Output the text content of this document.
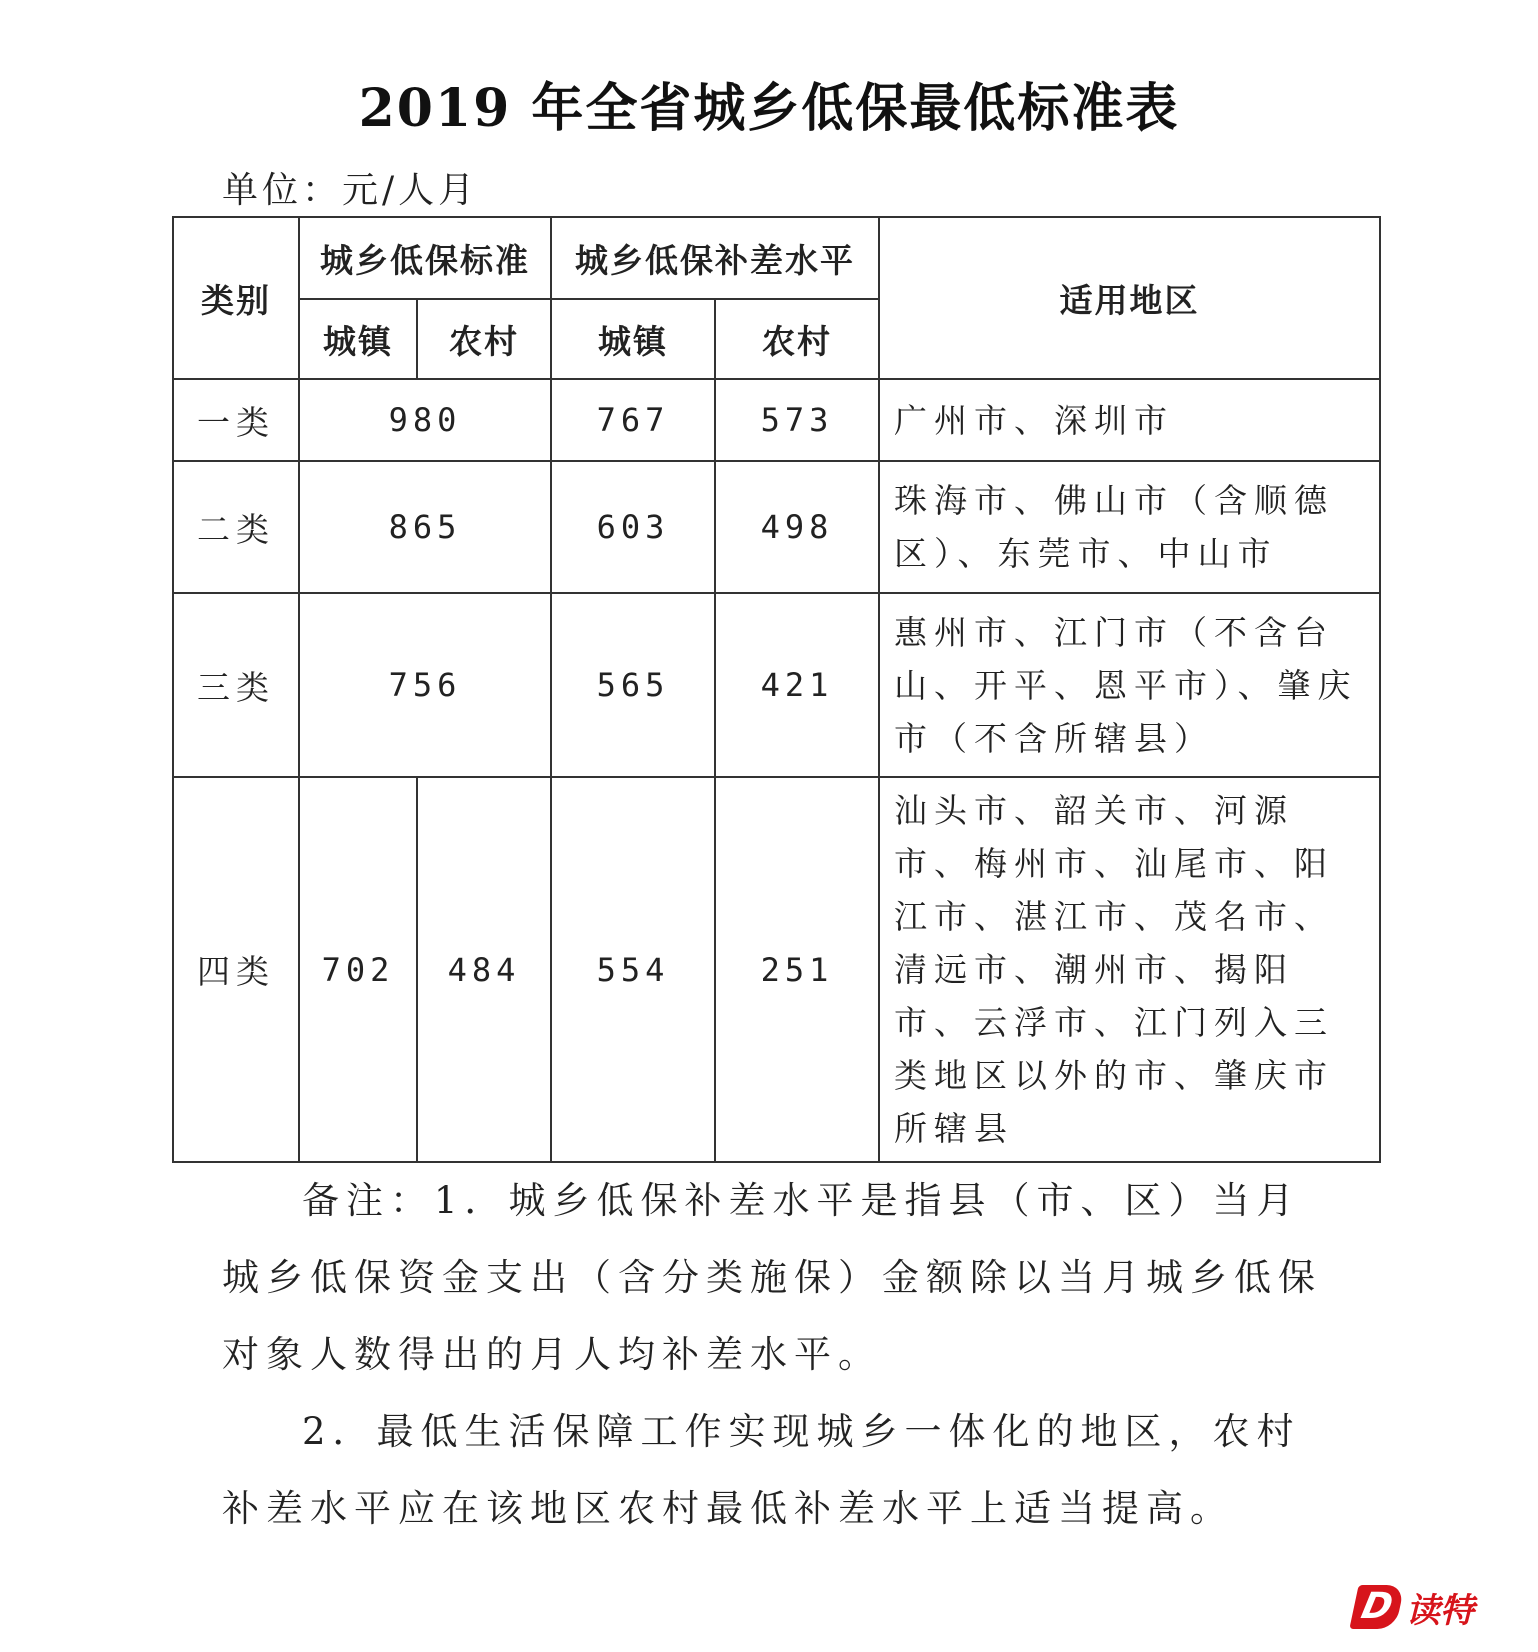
2019 年全省城乡低保最低标准表
单位：元/人月
类别	城乡低保标准		城乡低保补差水平		适用地区
	城镇	农村	城镇	农村	
一类	980		767	573	广州市、深圳市
二类	865		603	498	珠海市、佛山市（含顺德区）、东莞市、中山市
三类	756		565	421	惠州市、江门市（不含台山、开平、恩平市）、肇庆市（不含所辖县）
四类	702	484	554	251	汕头市、韶关市、河源市、梅州市、汕尾市、阳江市、湛江市、茂名市、清远市、潮州市、揭阳市、云浮市、江门列入三类地区以外的市、肇庆市所辖县

备注：1．城乡低保补差水平是指县（市、区）当月城乡低保资金支出（含分类施保）金额除以当月城乡低保对象人数得出的月人均补差水平。

2．最低生活保障工作实现城乡一体化的地区，农村补差水平应在该地区农村最低补差水平上适当提高。

D 读特
